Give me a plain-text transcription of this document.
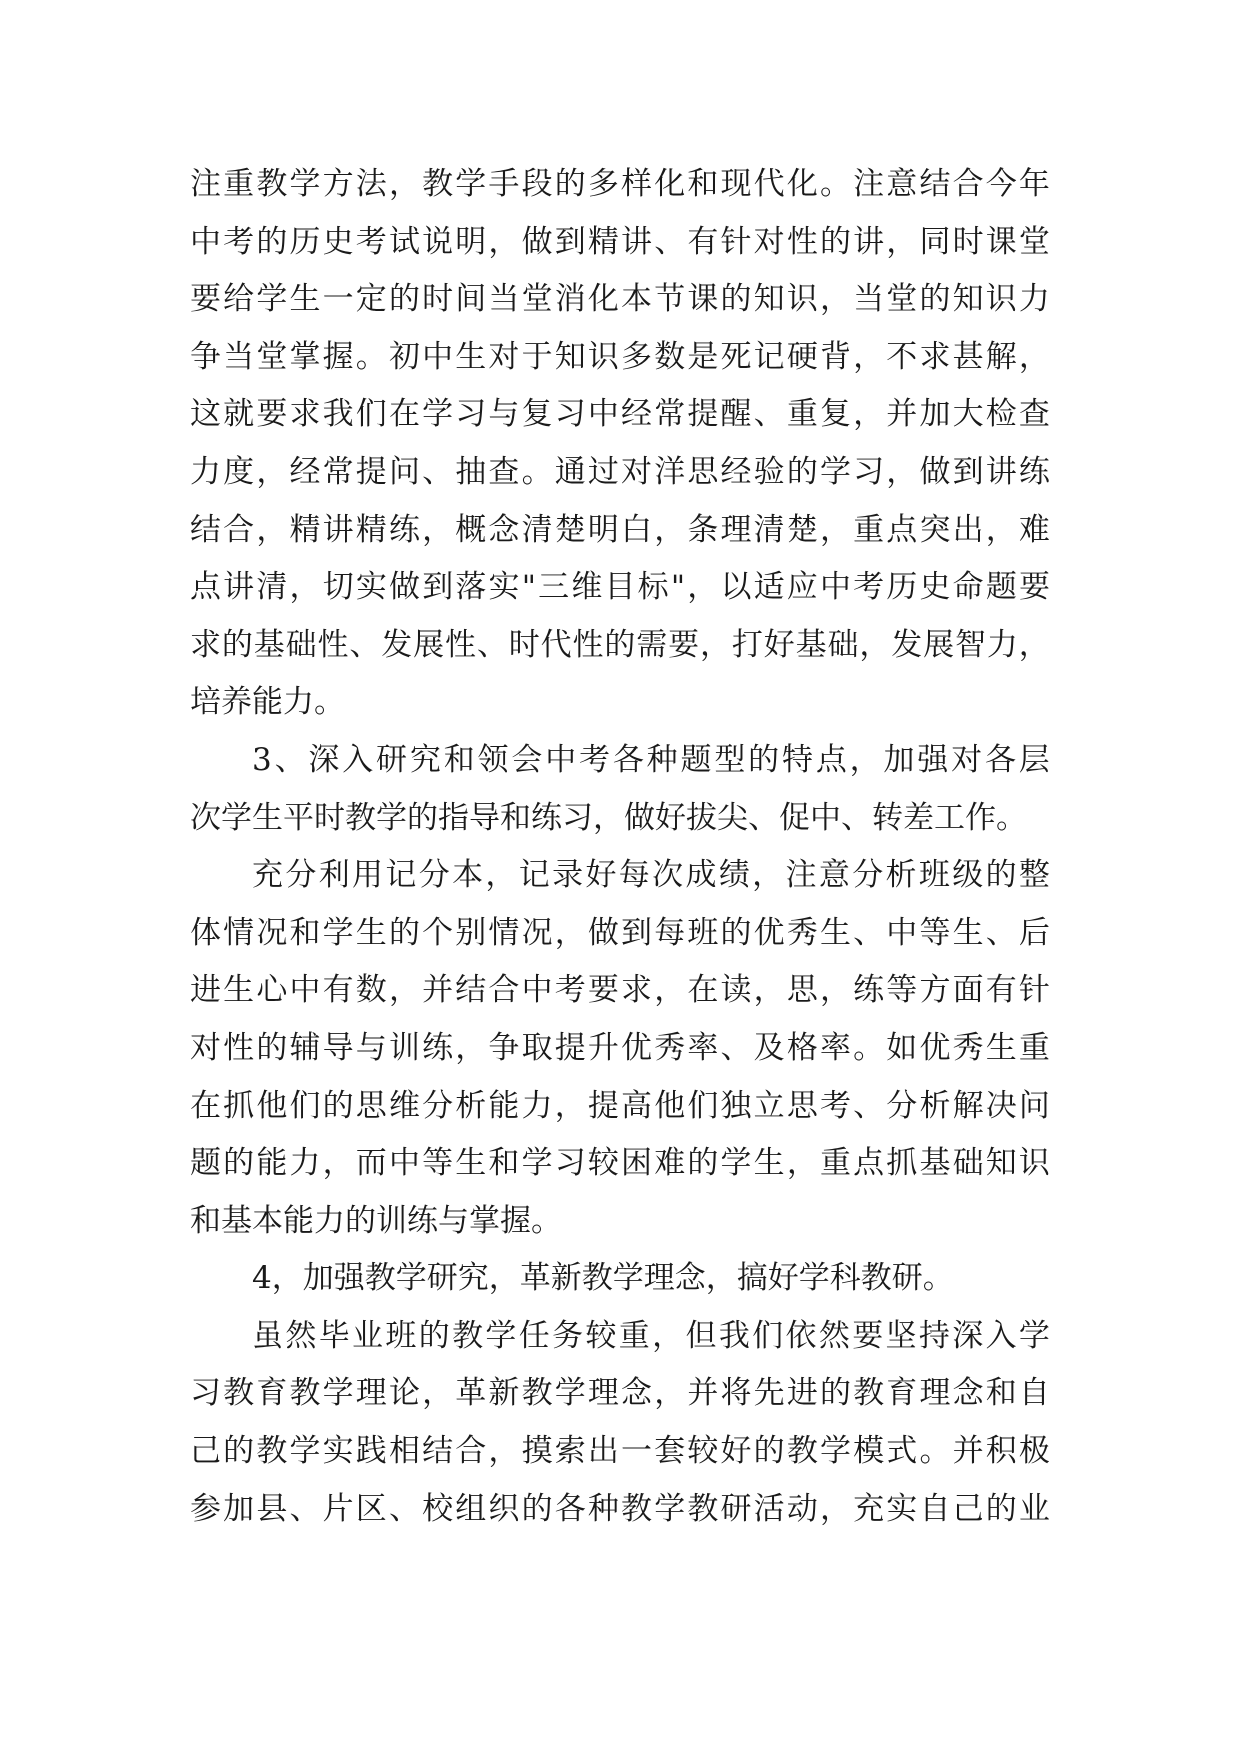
注 重 教 学 方 法 ， 教 学 手 段 的 多 样 化 和 现 代 化 。 注 意 结 合 今 年
中 考 的 历 史 考 试 说 明 ， 做 到 精 讲 、 有 针 对 性 的 讲 ， 同 时 课 堂
要 给 学 生 一 定 的 时 间 当 堂 消 化 本 节 课 的 知 识 ， 当 堂 的 知 识 力
争 当 堂 掌 握 。 初 中 生 对 于 知 识 多 数 是 死 记 硬 背 ， 不 求 甚 解 ，
这 就 要 求 我 们 在 学 习 与 复 习 中 经 常 提 醒 、 重 复 ， 并 加 大 检 查
力 度 ， 经 常 提 问 、 抽 查 。 通 过 对 洋 思 经 验 的 学 习 ， 做 到 讲 练
结 合 ， 精 讲 精 练 ， 概 念 清 楚 明 白 ， 条 理 清 楚 ， 重 点 突 出 ， 难
点 讲 清 ， 切 实 做 到 落 实 " 三 维 目 标 " ， 以 适 应 中 考 历 史 命 题 要
求 的 基 础 性 、 发 展 性 、 时 代 性 的 需 要 ， 打 好 基 础 ， 发 展 智 力 ，
培养能力。
3 、 深 入 研 究 和 领 会 中 考 各 种 题 型 的 特 点 ， 加 强 对 各 层
次学生平时教学的指导和练习，做好拔尖、促中、转差工作。
充 分 利 用 记 分 本 ， 记 录 好 每 次 成 绩 ， 注 意 分 析 班 级 的 整
体 情 况 和 学 生 的 个 别 情 况 ， 做 到 每 班 的 优 秀 生 、 中 等 生 、 后
进 生 心 中 有 数 ， 并 结 合 中 考 要 求 ， 在 读 ， 思 ， 练 等 方 面 有 针
对 性 的 辅 导 与 训 练 ， 争 取 提 升 优 秀 率 、 及 格 率 。 如 优 秀 生 重
在 抓 他 们 的 思 维 分 析 能 力 ， 提 高 他 们 独 立 思 考 、 分 析 解 决 问
题 的 能 力 ， 而 中 等 生 和 学 习 较 困 难 的 学 生 ， 重 点 抓 基 础 知 识
和基本能力的训练与掌握。
4，加强教学研究，革新教学理念，搞好学科教研。
虽 然 毕 业 班 的 教 学 任 务 较 重 ， 但 我 们 依 然 要 坚 持 深 入 学
习 教 育 教 学 理 论 ， 革 新 教 学 理 念 ， 并 将 先 进 的 教 育 理 念 和 自
己 的 教 学 实 践 相 结 合 ， 摸 索 出 一 套 较 好 的 教 学 模 式 。 并 积 极
参 加 县 、 片 区 、 校 组 织 的 各 种 教 学 教 研 活 动 ， 充 实 自 己 的 业
